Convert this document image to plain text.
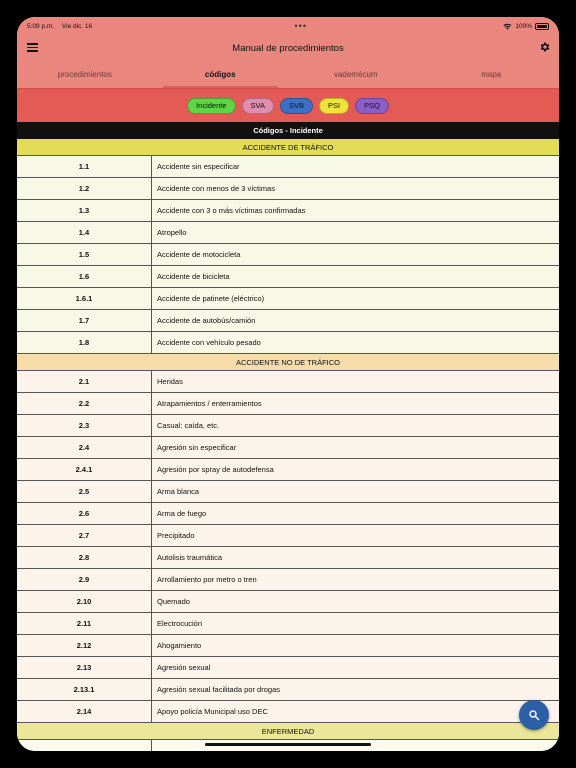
5:09 p.m. Vie dic. 16	•••	100%
Manual de procedimientos
procedimientos	códigos	vademécum	mapa
Incidente	SVA	SVB	PSI	PSQ
Códigos - Incidente
ACCIDENTE DE TRÁFICO
1.1	Accidente sin especificar
1.2	Accidente con menos de 3 víctimas
1.3	Accidente con 3 o más víctimas confirmadas
1.4	Atropello
1.5	Accidente de motocicleta
1.6	Accidente de bicicleta
1.6.1	Accidente de patinete (eléctrico)
1.7	Accidente de autobús/camión
1.8	Accidente con vehículo pesado
ACCIDENTE NO DE TRÁFICO
2.1	Heridas
2.2	Atrapamientos / enterramientos
2.3	Casual: caída, etc.
2.4	Agresión sin especificar
2.4.1	Agresión por spray de autodefensa
2.5	Arma blanca
2.6	Arma de fuego
2.7	Precipitado
2.8	Autolisis traumática
2.9	Arrollamiento por metro o tren
2.10	Quemado
2.11	Electrocución
2.12	Ahogamiento
2.13	Agresión sexual
2.13.1	Agresión sexual facilitada por drogas
2.14	Apoyo policía Municipal uso DEC
ENFERMEDAD
